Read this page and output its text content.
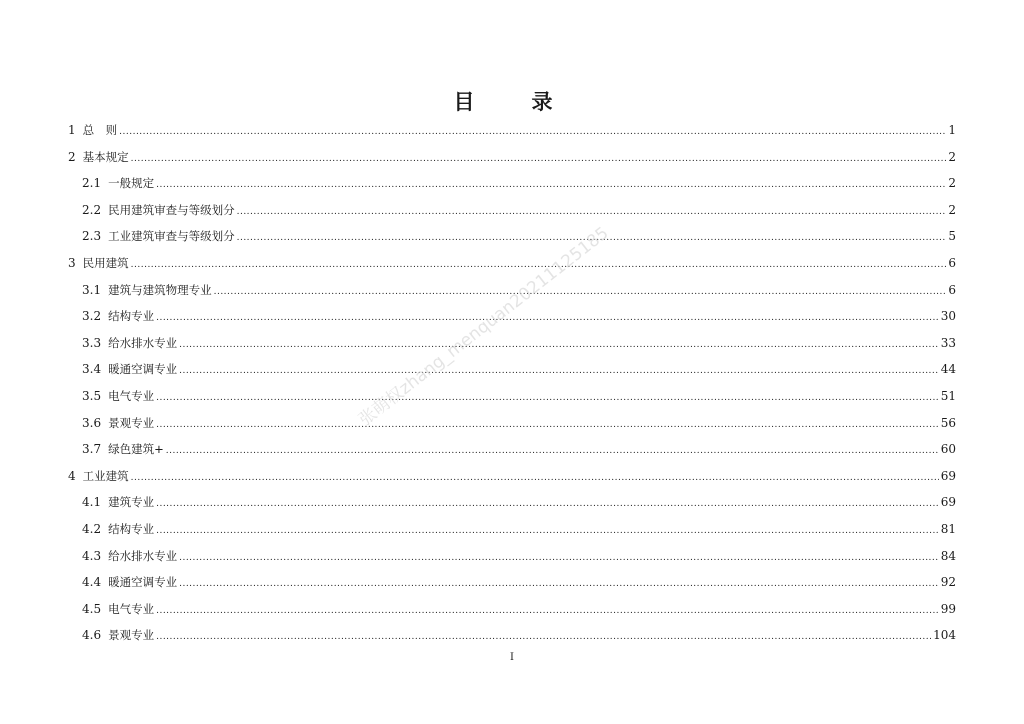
目　录
1 总　则 .....	1
2 基本规定 .....	2
2.1 一般规定 .....	2
2.2 民用建筑审查与等级划分 .....	2
2.3 工业建筑审查与等级划分 .....	5
3 民用建筑 .....	6
3.1 建筑与建筑物理专业 .....	6
3.2 结构专业 .....	30
3.3 给水排水专业 .....	33
3.4 暖通空调专业 .....	44
3.5 电气专业 .....	51
3.6 景观专业 .....	56
3.7 绿色建筑+ .....	60
4 工业建筑 .....	69
4.1 建筑专业 .....	69
4.2 结构专业 .....	81
4.3 给水排水专业 .....	84
4.4 暖通空调专业 .....	92
4.5 电气专业 .....	99
4.6 景观专业 .....	104
张萌权zhang_menquan20211125185
I
